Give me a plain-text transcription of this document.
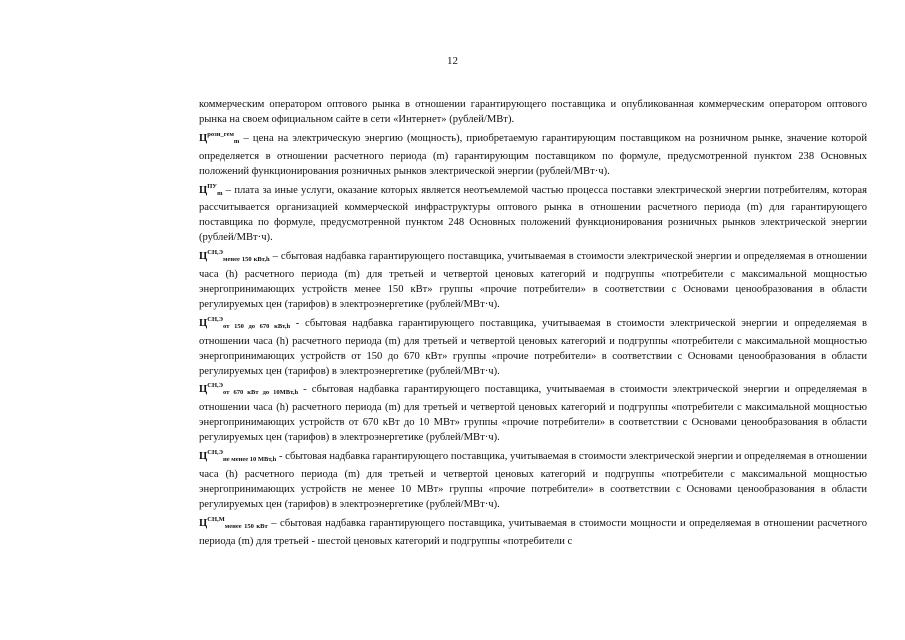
12

коммерческим оператором оптового рынка в отношении гарантирующего поставщика и опубликованная коммерческим оператором оптового рынка на своем официальном сайте в сети «Интернет» (рублей/МВт).

$Ц^{розн\_гем}_m$ – цена на электрическую энергию (мощность), приобретаемую гарантирующим поставщиком на розничном рынке, значение которой определяется в отношении расчетного периода (m) гарантирующим поставщиком по формуле, предусмотренной пунктом 238 Основных положений функционирования розничных рынков электрической энергии (рублей/МВт·ч).

$Ц^{ПУ}_m$ – плата за иные услуги, оказание которых является неотъемлемой частью процесса поставки электрической энергии потребителям, которая рассчитывается организацией коммерческой инфраструктуры оптового рынка в отношении расчетного периода (m) для гарантирующего поставщика по формуле, предусмотренной пунктом 248 Основных положений функционирования розничных рынков электрической энергии (рублей/МВт·ч).

$Ц^{СН,Э}_{менее 150 кВт,h}$ – сбытовая надбавка гарантирующего поставщика, учитываемая в стоимости электрической энергии и определяемая в отношении часа (h) расчетного периода (m) для третьей и четвертой ценовых категорий и подгруппы «потребители с максимальной мощностью энергопринимающих устройств менее 150 кВт» группы «прочие потребители» в соответствии с Основами ценообразования в области регулируемых цен (тарифов) в электроэнергетике (рублей/МВт·ч).

$Ц^{СН,Э}_{от 150 до 670 кВт,h}$ - сбытовая надбавка гарантирующего поставщика, учитываемая в стоимости электрической энергии и определяемая в отношении часа (h) расчетного периода (m) для третьей и четвертой ценовых категорий и подгруппы «потребители с максимальной мощностью энергопринимающих устройств от 150 до 670 кВт» группы «прочие потребители» в соответствии с Основами ценообразования в области регулируемых цен (тарифов) в электроэнергетике (рублей/МВт·ч).

$Ц^{СН,Э}_{от 670 кВт до 10МВт,h}$ - сбытовая надбавка гарантирующего поставщика, учитываемая в стоимости электрической энергии и определяемая в отношении часа (h) расчетного периода (m) для третьей и четвертой ценовых категорий и подгруппы «потребители с максимальной мощностью энергопринимающих устройств от 670 кВт до 10 МВт» группы «прочие потребители» в соответствии с Основами ценообразования в области регулируемых цен (тарифов) в электроэнергетике (рублей/МВт·ч).

$Ц^{СН,Э}_{не менее 10 МВт,h}$ - сбытовая надбавка гарантирующего поставщика, учитываемая в стоимости электрической энергии и определяемая в отношении часа (h) расчетного периода (m) для третьей и четвертой ценовых категорий и подгруппы «потребители с максимальной мощностью энергопринимающих устройств не менее 10 МВт» группы «прочие потребители» в соответствии с Основами ценообразования в области регулируемых цен (тарифов) в электроэнергетике (рублей/МВт·ч).

$Ц^{СН,М}_{менее 150 кВт}$ – сбытовая надбавка гарантирующего поставщика, учитываемая в стоимости мощности и определяемая в отношении расчетного периода (m) для третьей - шестой ценовых категорий и подгруппы «потребители с
